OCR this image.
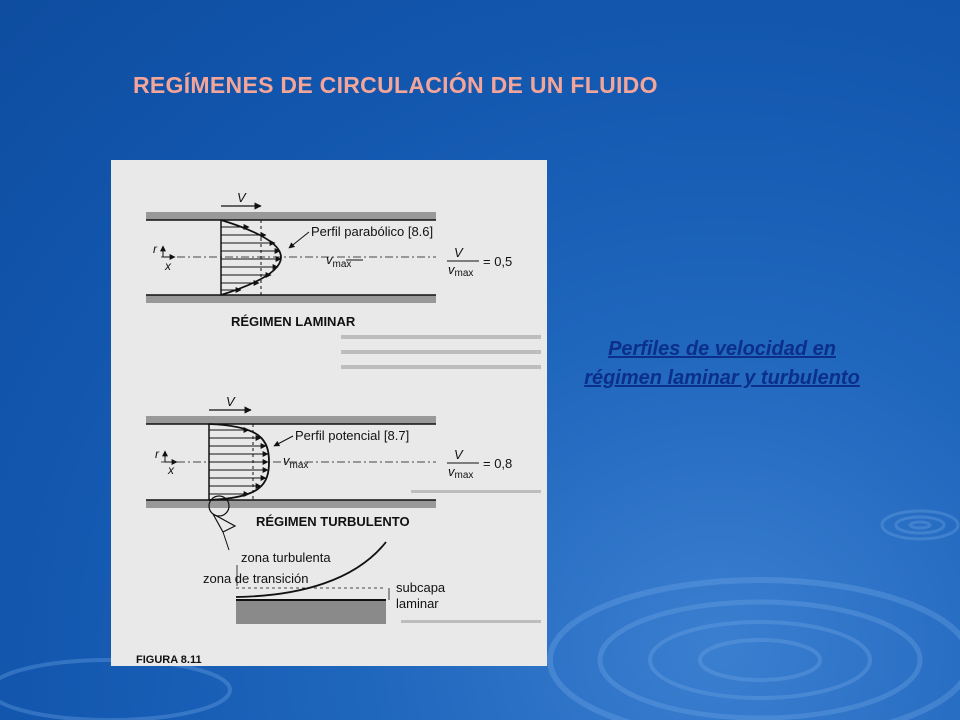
REGÍMENES DE CIRCULACIÓN DE UN FLUIDO
V
r
x
Perfil parabólico [8.6]
$v_{max}$
V
vmax
= 0,5
RÉGIMEN LAMINAR
V
r
x
Perfil potencial [8.7]
$v_{max}$
V
vmax
= 0,8
RÉGIMEN TURBULENTO
zona turbulenta
zona de transición
subcapa
laminar
FIGURA 8.11
Perfiles de velocidad en régimen laminar y turbulento
